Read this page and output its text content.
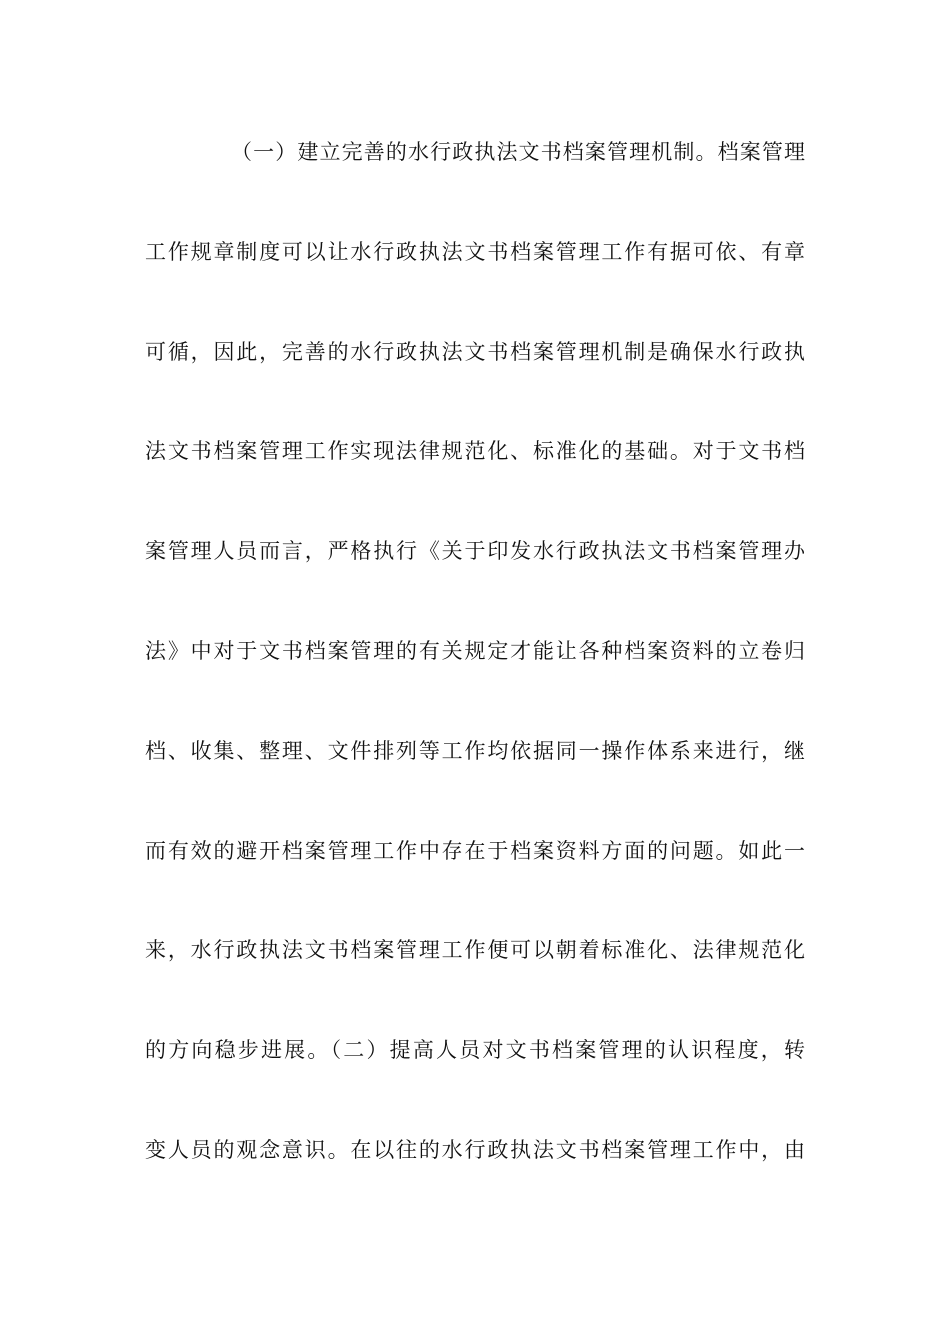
（一）建立完善的水行政执法文书档案管理机制。档案管理
工作规章制度可以让水行政执法文书档案管理工作有据可依、有章
可循，因此，完善的水行政执法文书档案管理机制是确保水行政执
法文书档案管理工作实现法律规范化、标准化的基础。对于文书档
案管理人员而言，严格执行《关于印发水行政执法文书档案管理办
法》中对于文书档案管理的有关规定才能让各种档案资料的立卷归
档、收集、整理、文件排列等工作均依据同一操作体系来进行，继
而有效的避开档案管理工作中存在于档案资料方面的问题。如此一
来，水行政执法文书档案管理工作便可以朝着标准化、法律规范化
的方向稳步进展。（二）提高人员对文书档案管理的认识程度，转
变人员的观念意识。在以往的水行政执法文书档案管理工作中，由
